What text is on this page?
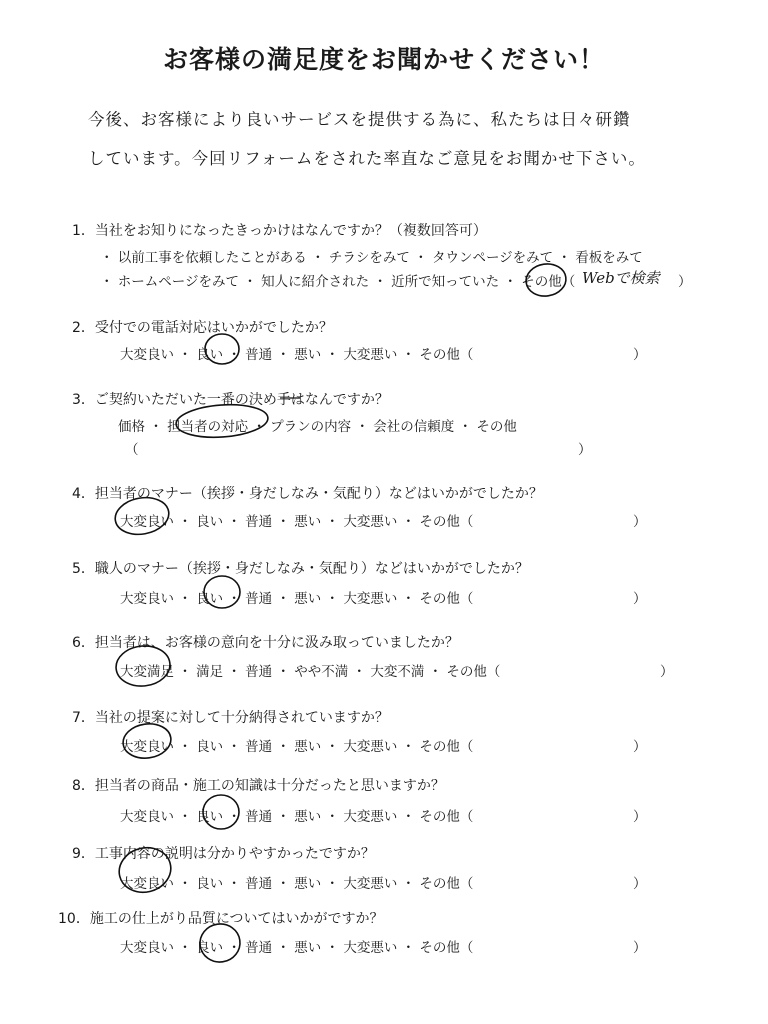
お客様の満足度をお聞かせください！
今後、お客様により良いサービスを提供する為に、私たちは日々研鑽
しています。今回リフォームをされた率直なご意見をお聞かせ下さい。
1．当社をお知りになったきっかけはなんですか？（複数回答可）
・ 以前工事を依頼したことがある ・ チラシをみて ・ タウンページをみて ・ 看板をみて
・ ホームページをみて ・ 知人に紹介された ・ 近所で知っていた ・ その他（ Webで検索 ）
2．受付での電話対応はいかがでしたか？
大変良い ・ 良い ・ 普通 ・ 悪い ・ 大変悪い ・ その他（	）
3．ご契約いただいた一番の決め手はなんですか？
価格 ・ 担当者の対応 ・ プランの内容 ・ 会社の信頼度 ・ その他
（	）
4．担当者のマナー（挨拶・身だしなみ・気配り）などはいかがでしたか？
大変良い ・ 良い ・ 普通 ・ 悪い ・ 大変悪い ・ その他（	）
5．職人のマナー（挨拶・身だしなみ・気配り）などはいかがでしたか？
大変良い ・ 良い ・ 普通 ・ 悪い ・ 大変悪い ・ その他（	）
6．担当者は、お客様の意向を十分に汲み取っていましたか？
大変満足 ・ 満足 ・ 普通 ・ やや不満 ・ 大変不満 ・ その他（	）
7．当社の提案に対して十分納得されていますか？
大変良い ・ 良い ・ 普通 ・ 悪い ・ 大変悪い ・ その他（	）
8．担当者の商品・施工の知識は十分だったと思いますか？
大変良い ・ 良い ・ 普通 ・ 悪い ・ 大変悪い ・ その他（	）
9．工事内容の説明は分かりやすかったですか？
大変良い ・ 良い ・ 普通 ・ 悪い ・ 大変悪い ・ その他（	）
10．施工の仕上がり品質についてはいかがですか？
大変良い ・ 良い ・ 普通 ・ 悪い ・ 大変悪い ・ その他（	）
